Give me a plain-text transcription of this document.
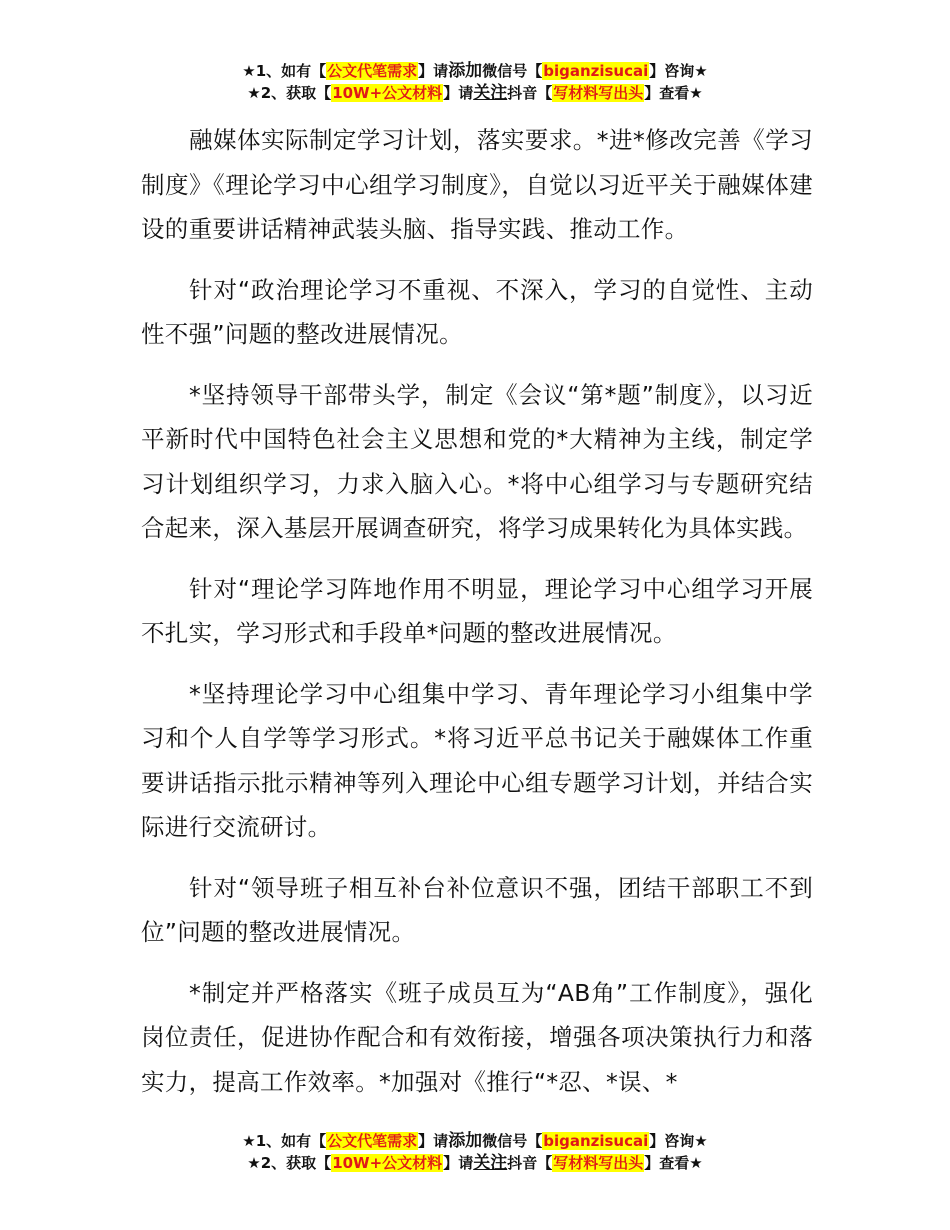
★1、如有【公文代笔需求】请添加微信号【biganzisucai】咨询★
★2、获取【10W+公文材料】请关注抖音【写材料写出头】查看★

融媒体实际制定学习计划，落实要求。*进*修改完善《学习制度》《理论学习中心组学习制度》，自觉以习近平关于融媒体建设的重要讲话精神武装头脑、指导实践、推动工作。

针对“政治理论学习不重视、不深入，学习的自觉性、主动性不强”问题的整改进展情况。

*坚持领导干部带头学，制定《会议“第*题”制度》，以习近平新时代中国特色社会主义思想和党的*大精神为主线，制定学习计划组织学习，力求入脑入心。*将中心组学习与专题研究结合起来，深入基层开展调查研究，将学习成果转化为具体实践。

针对“理论学习阵地作用不明显，理论学习中心组学习开展不扎实，学习形式和手段单*问题的整改进展情况。

*坚持理论学习中心组集中学习、青年理论学习小组集中学习和个人自学等学习形式。*将习近平总书记关于融媒体工作重要讲话指示批示精神等列入理论中心组专题学习计划，并结合实际进行交流研讨。

针对“领导班子相互补台补位意识不强，团结干部职工不到位”问题的整改进展情况。

*制定并严格落实《班子成员互为“AB角”工作制度》，强化岗位责任，促进协作配合和有效衔接，增强各项决策执行力和落实力，提高工作效率。*加强对《推行“*忍、*误、*

★1、如有【公文代笔需求】请添加微信号【biganzisucai】咨询★
★2、获取【10W+公文材料】请关注抖音【写材料写出头】查看★
